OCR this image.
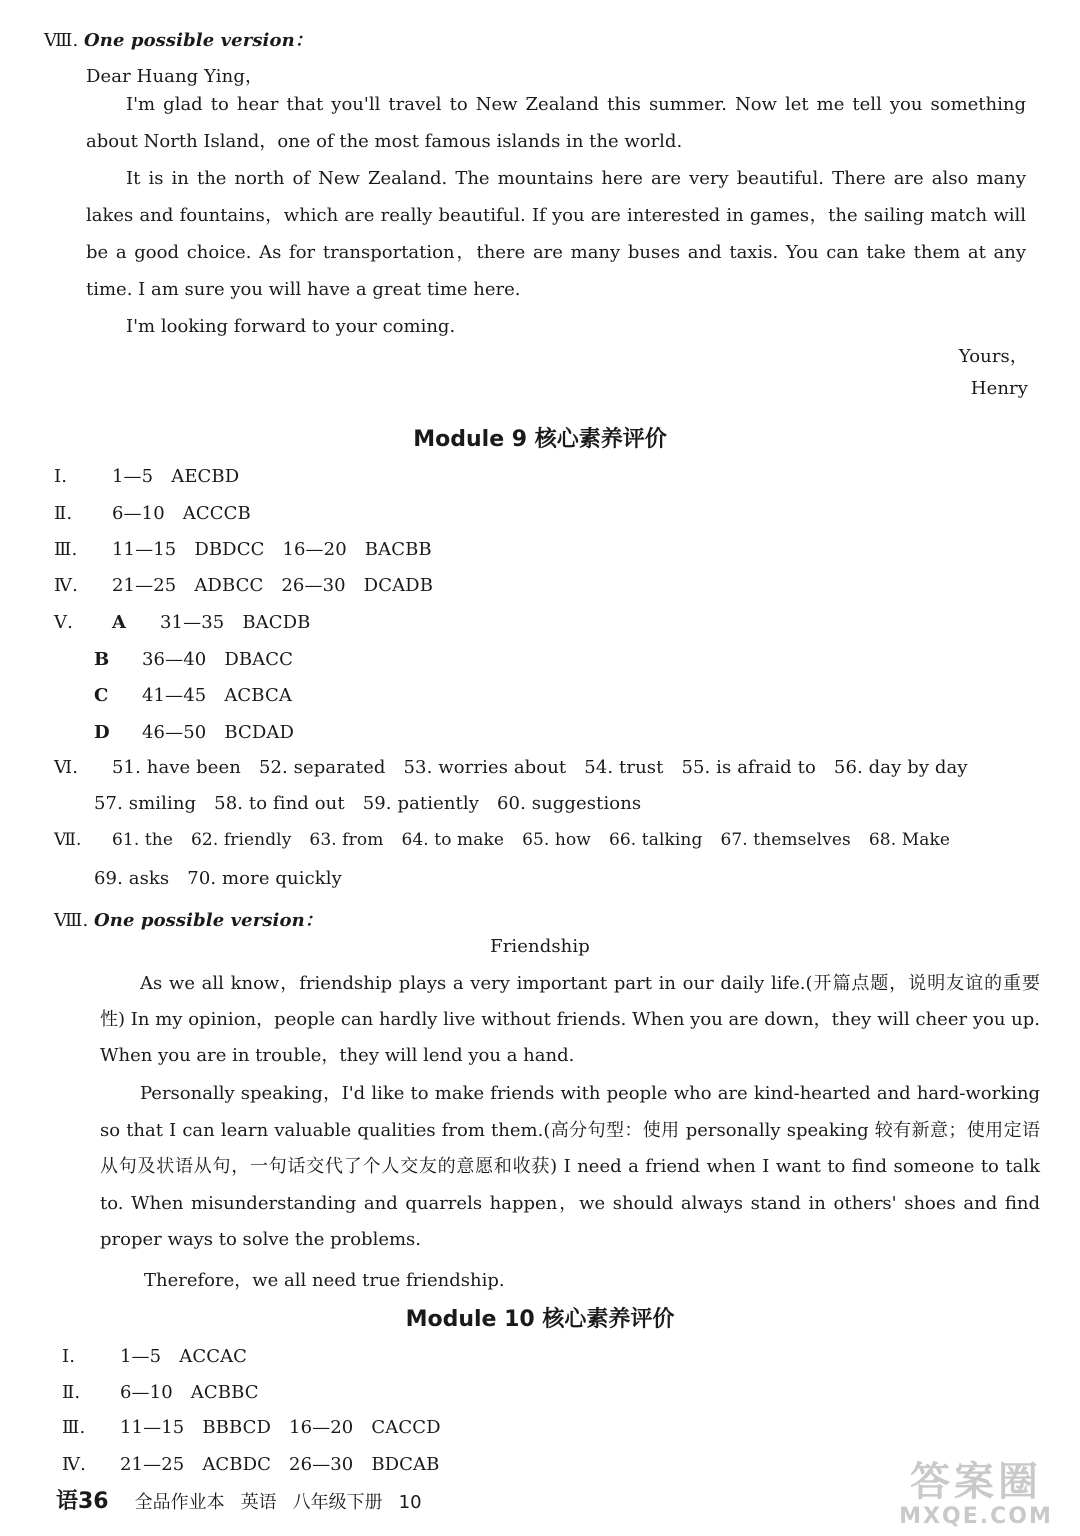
Ⅷ. One possible version：
Dear Huang Ying，
I'm glad to hear that you'll travel to New Zealand this summer. Now let me tell you something about North Island，one of the most famous islands in the world.
It is in the north of New Zealand. The mountains here are very beautiful. There are also many lakes and fountains，which are really beautiful. If you are interested in games，the sailing match will be a good choice. As for transportation，there are many buses and taxis. You can take them at any time. I am sure you will have a great time here.
I'm looking forward to your coming.
Yours，
Henry
Module 9 核心素养评价
Ⅰ. 1—5 AECBD
Ⅱ. 6—10 ACCCB
Ⅲ. 11—15 DBDCC 16—20 BACBB
Ⅳ. 21—25 ADBCC 26—30 DCADB
Ⅴ. A 31—35 BACDB
B 36—40 DBACC
C 41—45 ACBCA
D 46—50 BCDAD
Ⅵ. 51. have been 52. separated 53. worries about 54. trust 55. is afraid to 56. day by day
57. smiling 58. to find out 59. patiently 60. suggestions
Ⅶ. 61. the 62. friendly 63. from 64. to make 65. how 66. talking 67. themselves 68. Make
69. asks 70. more quickly
Ⅷ. One possible version：
Friendship
As we all know，friendship plays a very important part in our daily life.(开篇点题，说明友谊的重要性) In my opinion，people can hardly live without friends. When you are down，they will cheer you up. When you are in trouble，they will lend you a hand.
Personally speaking，I'd like to make friends with people who are kind-hearted and hard-working so that I can learn valuable qualities from them.(高分句型：使用 personally speaking 较有新意；使用定语从句及状语从句，一句话交代了个人交友的意愿和收获) I need a friend when I want to find someone to talk to. When misunderstanding and quarrels happen，we should always stand in others' shoes and find proper ways to solve the problems.
Therefore，we all need true friendship.
Module 10 核心素养评价
Ⅰ. 1—5 ACCAC
Ⅱ. 6—10 ACBBC
Ⅲ. 11—15 BBBCD 16—20 CACCD
Ⅳ. 21—25 ACBDC 26—30 BDCAB
语36 全品作业本 英语 八年级下册 10	答案圈
MXQE.COM
